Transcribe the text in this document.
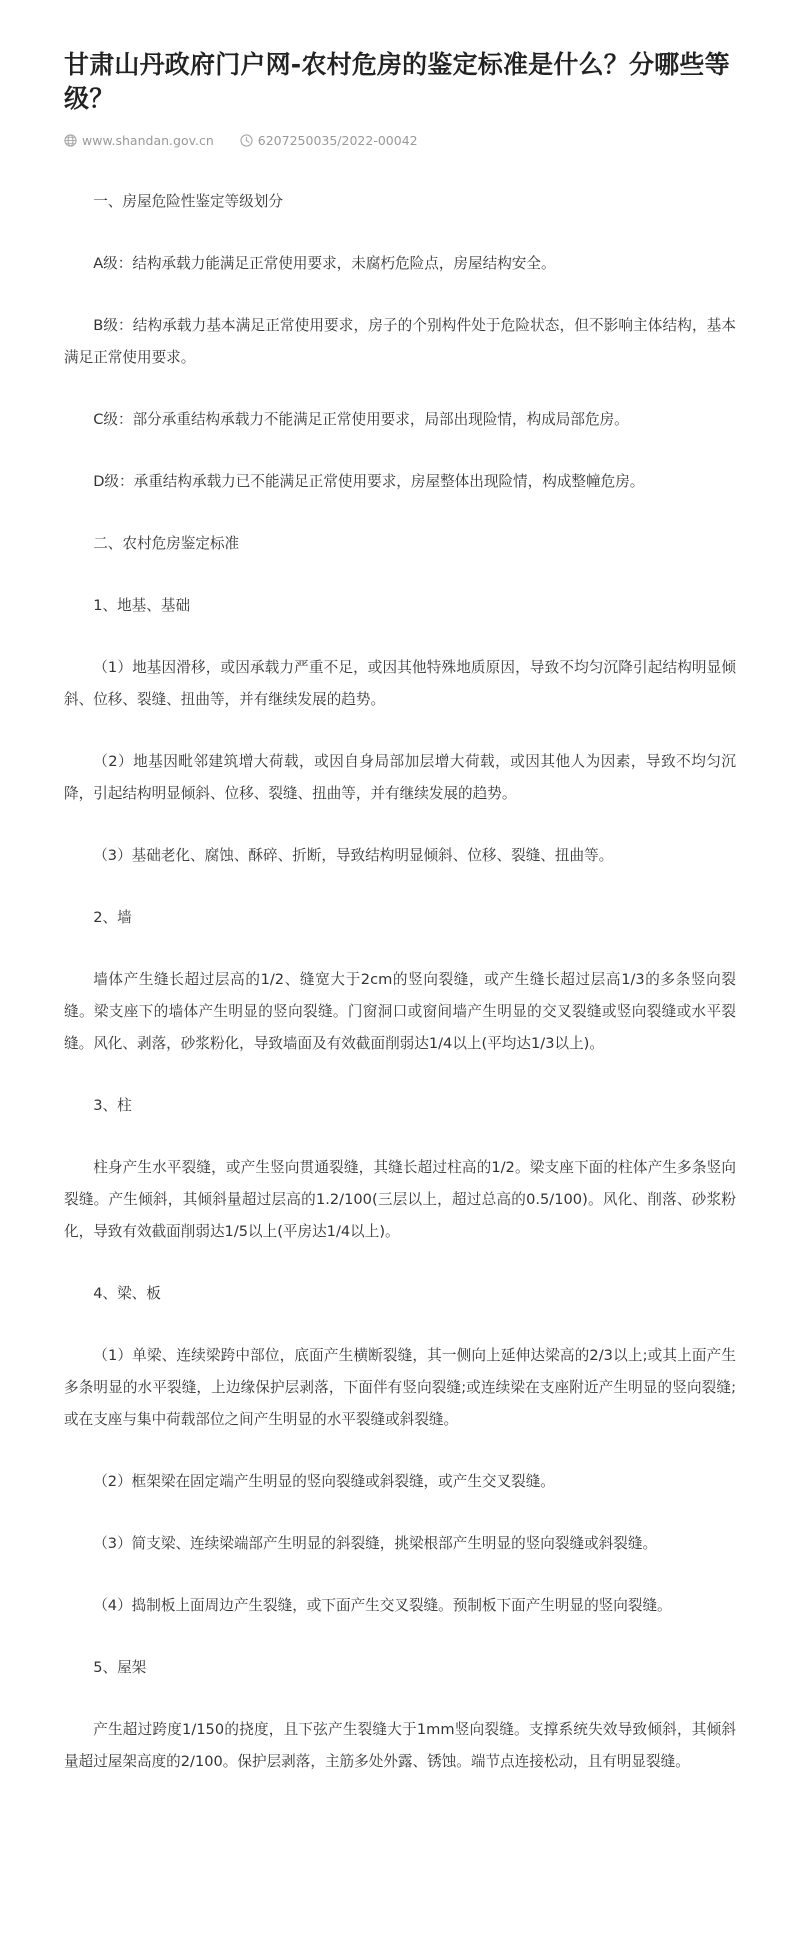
甘肃山丹政府门户网-农村危房的鉴定标准是什么？分哪些等级？
www.shandan.gov.cn	6207250035/2022-00042

一、房屋危险性鉴定等级划分

A级：结构承载力能满足正常使用要求，未腐朽危险点，房屋结构安全。

B级：结构承载力基本满足正常使用要求，房子的个别构件处于危险状态，但不影响主体结构，基本满足正常使用要求。

C级：部分承重结构承载力不能满足正常使用要求，局部出现险情，构成局部危房。

D级：承重结构承载力已不能满足正常使用要求，房屋整体出现险情，构成整幢危房。

二、农村危房鉴定标准

1、地基、基础

（1）地基因滑移，或因承载力严重不足，或因其他特殊地质原因，导致不均匀沉降引起结构明显倾斜、位移、裂缝、扭曲等，并有继续发展的趋势。

（2）地基因毗邻建筑增大荷载，或因自身局部加层增大荷载，或因其他人为因素，导致不均匀沉降，引起结构明显倾斜、位移、裂缝、扭曲等，并有继续发展的趋势。

（3）基础老化、腐蚀、酥碎、折断，导致结构明显倾斜、位移、裂缝、扭曲等。

2、墙

墙体产生缝长超过层高的1/2、缝宽大于2cm的竖向裂缝，或产生缝长超过层高1/3的多条竖向裂缝。梁支座下的墙体产生明显的竖向裂缝。门窗洞口或窗间墙产生明显的交叉裂缝或竖向裂缝或水平裂缝。风化、剥落，砂浆粉化，导致墙面及有效截面削弱达1/4以上(平均达1/3以上)。

3、柱

柱身产生水平裂缝，或产生竖向贯通裂缝，其缝长超过柱高的1/2。梁支座下面的柱体产生多条竖向裂缝。产生倾斜，其倾斜量超过层高的1.2/100(三层以上，超过总高的0.5/100)。风化、削落、砂浆粉化，导致有效截面削弱达1/5以上(平房达1/4以上)。

4、梁、板

（1）单梁、连续梁跨中部位，底面产生横断裂缝，其一侧向上延伸达梁高的2/3以上;或其上面产生多条明显的水平裂缝，上边缘保护层剥落，下面伴有竖向裂缝;或连续梁在支座附近产生明显的竖向裂缝;或在支座与集中荷载部位之间产生明显的水平裂缝或斜裂缝。

（2）框架梁在固定端产生明显的竖向裂缝或斜裂缝，或产生交叉裂缝。

（3）简支梁、连续梁端部产生明显的斜裂缝，挑梁根部产生明显的竖向裂缝或斜裂缝。

（4）捣制板上面周边产生裂缝，或下面产生交叉裂缝。预制板下面产生明显的竖向裂缝。

5、屋架

产生超过跨度1/150的挠度，且下弦产生裂缝大于1mm竖向裂缝。支撑系统失效导致倾斜，其倾斜量超过屋架高度的2/100。保护层剥落，主筋多处外露、锈蚀。端节点连接松动，且有明显裂缝。
